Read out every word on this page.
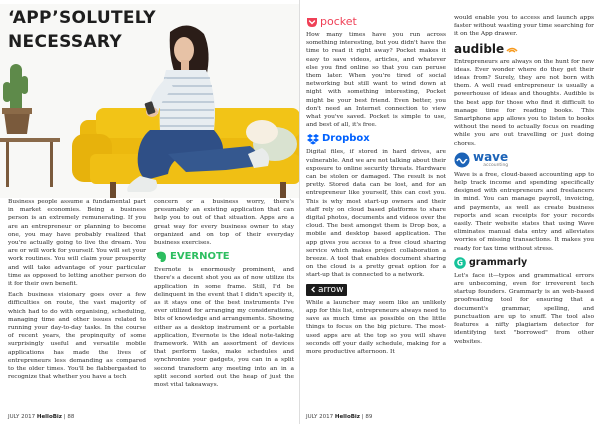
‘APP’SOLUTELY
NECESSARY

Business people assume a fundamental part in market economies. Being a business person is an extremely remunerating. If you are an entrepreneur or planning to become one, you may have probably realized that you're actually going to live the dream. You are or will work for yourself. You will set your work routines. You will claim your prosperity and will take advantage of your particular time as opposed to letting another person do it for their own benefit.

Each business visionary goes over a few difficulties on route, the vast majority of which had to do with organising, scheduling, managing time and other issues related to running your day-to-day tasks. In the course of recent years, the propinquity of some surprisingly useful and versatile mobile applications has made the lives of entrepreneurs less demanding as compared to the older times. You'll be flabbergasted to recognize that whether you have a tech

concern or a business worry, there's presumably an existing application that can help you to out of that situation. Apps are a great way for every business owner to stay organized and on top of their everyday business exercises.

EVERNOTE

Evernote is enormously prominent, and there's a decent shot you as of now utilize its application in some frame. Still, I'd be delinquent in the event that I didn't specify it, as it stays one of the best instruments I've ever utilized for arranging my considerations, bits of knowledge and arrangements. Showing either as a desktop instrument or a portable application, Evernote is the ideal note-taking framework. With an assortment of devices that perform tasks, make schedules and synchronize your gadgets, you can in a split second transform any meeting into an in a split second sorted out the heap of just the most vital takeaways.

JULY 2017 HelloBiz | 88
pocket

How many times have you run across something interesting, but you didn't have the time to read it right away? Pocket makes it easy to save videos, articles, and whatever else you find online so that you can peruse them later. When you're tired of social networking but still want to wind down at night with something interesting, Pocket might be your best friend. Even better, you don't need an Internet connection to view what you've saved. Pocket is simple to use, and best of all, it's free.

Dropbox

Digital files, if stored in hard drives, are vulnerable. And we are not talking about their exposure to online security threats. Hardware can be stolen or damaged. The result is not pretty. Stored data can be lost, and for an entrepreneur like yourself, this can cost you. This is why most start-up owners and their staff rely on cloud based platforms to share digital photos, documents and videos over the cloud. The best amongst them is Drop box, a mobile and desktop based application. The app gives you access to a free cloud sharing service which makes project collaboration a breeze. A tool that enables document sharing on the cloud is a pretty great option for a start-up that is connected to a network.

arrow

While a launcher may seem like an unlikely app for this list, entrepreneurs always need to save as much time as possible on the little things to focus on the big picture. The most-used apps are at the top so you will shave seconds off your daily schedule, making for a more productive afternoon. It

would enable you to access and launch apps faster without wasting your time searching for it on the App drawer.

audible

Entrepreneurs are always on the hunt for new ideas. Ever wonder where do they get their ideas from? Surely, they are not born with them. A well read entrepreneur is usually a powerhouse of ideas and thoughts. Audible is the best app for those who find it difficult to manage time for reading books. This Smartphone app allows you to listen to books without the need to actually focus on reading while you are out travelling or just doing chores.

wave
accounting

Wave is a free, cloud-based accounting app to help track income and spending specifically designed with entrepreneurs and freelancers in mind. You can manage payroll, invoicing, and payments, as well as create business reports and scan receipts for your records easily. Their website states that using Wave eliminates manual data entry and alleviates worries of missing transactions. It makes you ready for tax time without stress.

G grammarly

Let's face it—typos and grammatical errors are unbecoming, even for irreverent tech startup founders. Grammarly is an web-based proofreading tool for ensuring that a document's grammar, spelling, and punctuation are up to snuff. The tool also features a nifty plagiarism detector for identifying text "borrowed" from other websites.

JULY 2017 HelloBiz | 89
